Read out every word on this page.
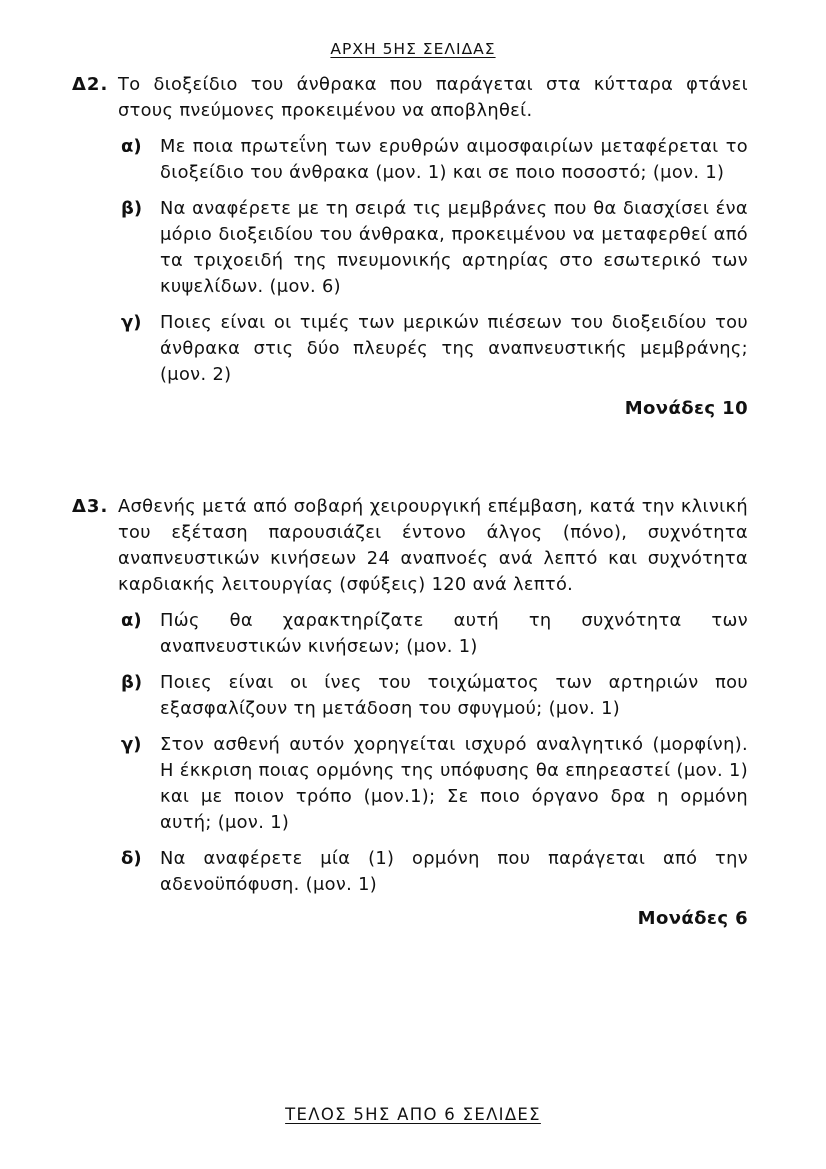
ΑΡΧΗ 5ΗΣ ΣΕΛΙΔΑΣ
Δ2. Το διοξείδιο του άνθρακα που παράγεται στα κύτταρα φτάνει στους πνεύμονες προκειμένου να αποβληθεί.
α) Με ποια πρωτεΐνη των ερυθρών αιμοσφαιρίων μεταφέρεται το διοξείδιο του άνθρακα (μον. 1) και σε ποιο ποσοστό; (μον. 1)
β) Να αναφέρετε με τη σειρά τις μεμβράνες που θα διασχίσει ένα μόριο διοξειδίου του άνθρακα, προκειμένου να μεταφερθεί από τα τριχοειδή της πνευμονικής αρτηρίας στο εσωτερικό των κυψελίδων. (μον. 6)
γ) Ποιες είναι οι τιμές των μερικών πιέσεων του διοξειδίου του άνθρακα στις δύο πλευρές της αναπνευστικής μεμβράνης; (μον. 2)
Μονάδες 10
Δ3. Ασθενής μετά από σοβαρή χειρουργική επέμβαση, κατά την κλινική του εξέταση παρουσιάζει έντονο άλγος (πόνο), συχνότητα αναπνευστικών κινήσεων 24 αναπνοές ανά λεπτό και συχνότητα καρδιακής λειτουργίας (σφύξεις) 120 ανά λεπτό.
α) Πώς θα χαρακτηρίζατε αυτή τη συχνότητα των αναπνευστικών κινήσεων; (μον. 1)
β) Ποιες είναι οι ίνες του τοιχώματος των αρτηριών που εξασφαλίζουν τη μετάδοση του σφυγμού; (μον. 1)
γ) Στον ασθενή αυτόν χορηγείται ισχυρό αναλγητικό (μορφίνη). Η έκκριση ποιας ορμόνης της υπόφυσης θα επηρεαστεί (μον. 1) και με ποιον τρόπο (μον.1); Σε ποιο όργανο δρα η ορμόνη αυτή; (μον. 1)
δ) Να αναφέρετε μία (1) ορμόνη που παράγεται από την αδενοϋπόφυση. (μον. 1)
Μονάδες 6
ΤΕΛΟΣ 5ΗΣ ΑΠΟ 6 ΣΕΛΙΔΕΣ
